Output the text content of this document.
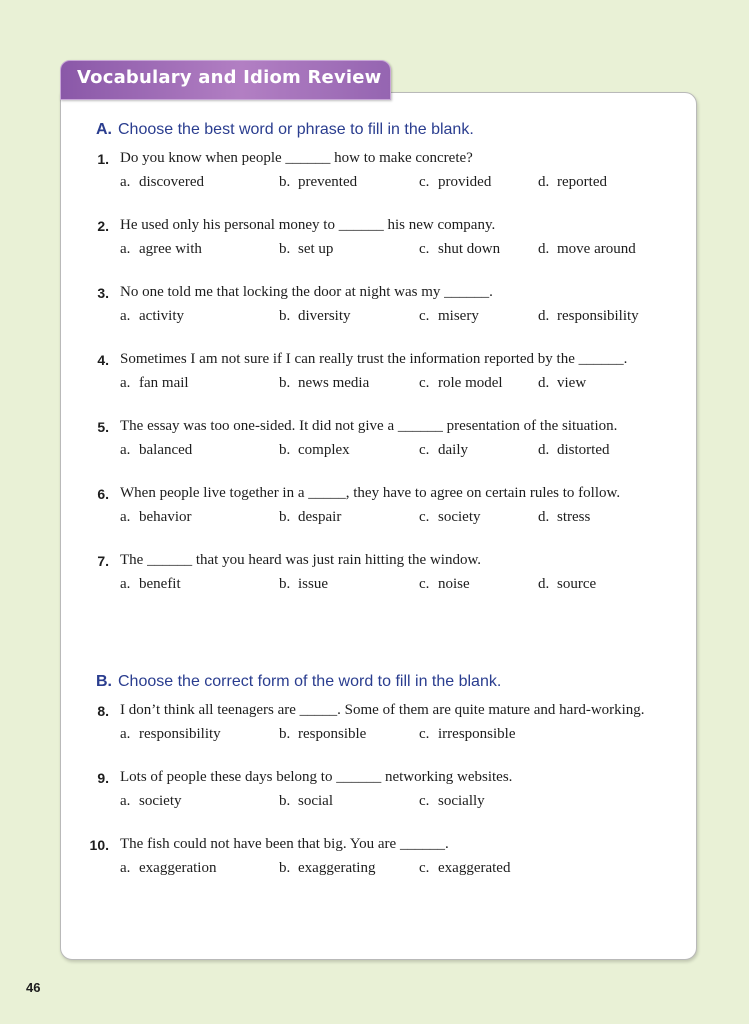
Vocabulary and Idiom Review
A. Choose the best word or phrase to fill in the blank.
1. Do you know when people ______ how to make concrete?
a. discovered	b. prevented	c. provided	d. reported
2. He used only his personal money to ______ his new company.
a. agree with	b. set up	c. shut down	d. move around
3. No one told me that locking the door at night was my ______.
a. activity	b. diversity	c. misery	d. responsibility
4. Sometimes I am not sure if I can really trust the information reported by the ______.
a. fan mail	b. news media	c. role model d. view
5. The essay was too one-sided. It did not give a ______ presentation of the situation.
a. balanced	b. complex	c. daily	d. distorted
6. When people live together in a _____, they have to agree on certain rules to follow.
a. behavior	b. despair	c. society	d. stress
7. The ______ that you heard was just rain hitting the window.
a. benefit	b. issue	c. noise	d. source
B. Choose the correct form of the word to fill in the blank.
8. I don’t think all teenagers are _____. Some of them are quite mature and hard-working.
a. responsibility	b. responsible	c. irresponsible
9. Lots of people these days belong to ______ networking websites.
a. society	b. social	c. socially
10. The fish could not have been that big. You are ______.
a. exaggeration	b. exaggerating	c. exaggerated
46
